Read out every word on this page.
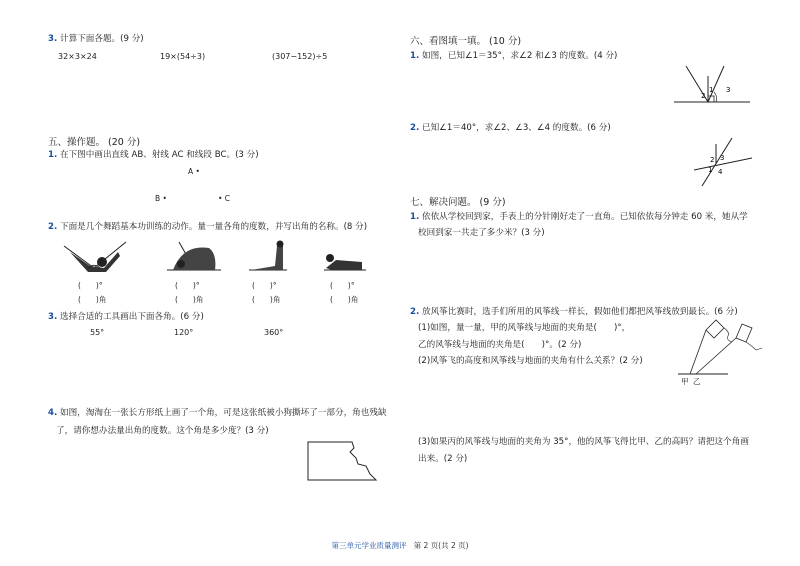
3. 计算下面各题。(9 分)
32×3×24	19×(54÷3)	(307−152)÷5
五、操作题。 (20 分)
1. 在下图中画出直线 AB、射线 AC 和线段 BC。(3 分)
A •
B •	• C
2. 下面是几个舞蹈基本功训练的动作。量一量各角的度数，并写出角的名称。(8 分)
(　　)°
(　　)角
(　　)°
(　　)角
(　　)°
(　　)角
(　　)°
(　　)角
3. 选择合适的工具画出下面各角。(6 分)
55°	120°	360°
4. 如图，淘淘在一张长方形纸上画了一个角，可是这张纸被小狗撕坏了一部分，角也残缺
了，请你想办法量出角的度数。这个角是多少度？(3 分)
六、看图填一填。 (10 分)
1. 如图，已知∠1＝35°，求∠2 和∠3 的度数。(4 分)
2
1 3
2. 已知∠1＝40°，求∠2、∠3、∠4 的度数。(6 分)
2 3
1 4
七、解决问题。 (9 分)
1. 依依从学校回到家，手表上的分针刚好走了一直角。已知依依每分钟走 60 米，她从学
校回到家一共走了多少米？(3 分)
2. 放风筝比赛时，选手们所用的风筝线一样长，假如他们都把风筝线放到最长。(6 分)
(1)如图，量一量，甲的风筝线与地面的夹角是(　　)°，
乙的风筝线与地面的夹角是(　　)°。(2 分)
(2)风筝飞的高度和风筝线与地面的夹角有什么关系？(2 分)
甲 乙
(3)如果丙的风筝线与地面的夹角为 35°，他的风筝飞得比甲、乙的高吗？请把这个角画
出来。(2 分)
第三单元学业质量测评 第 2 页(共 2 页)
